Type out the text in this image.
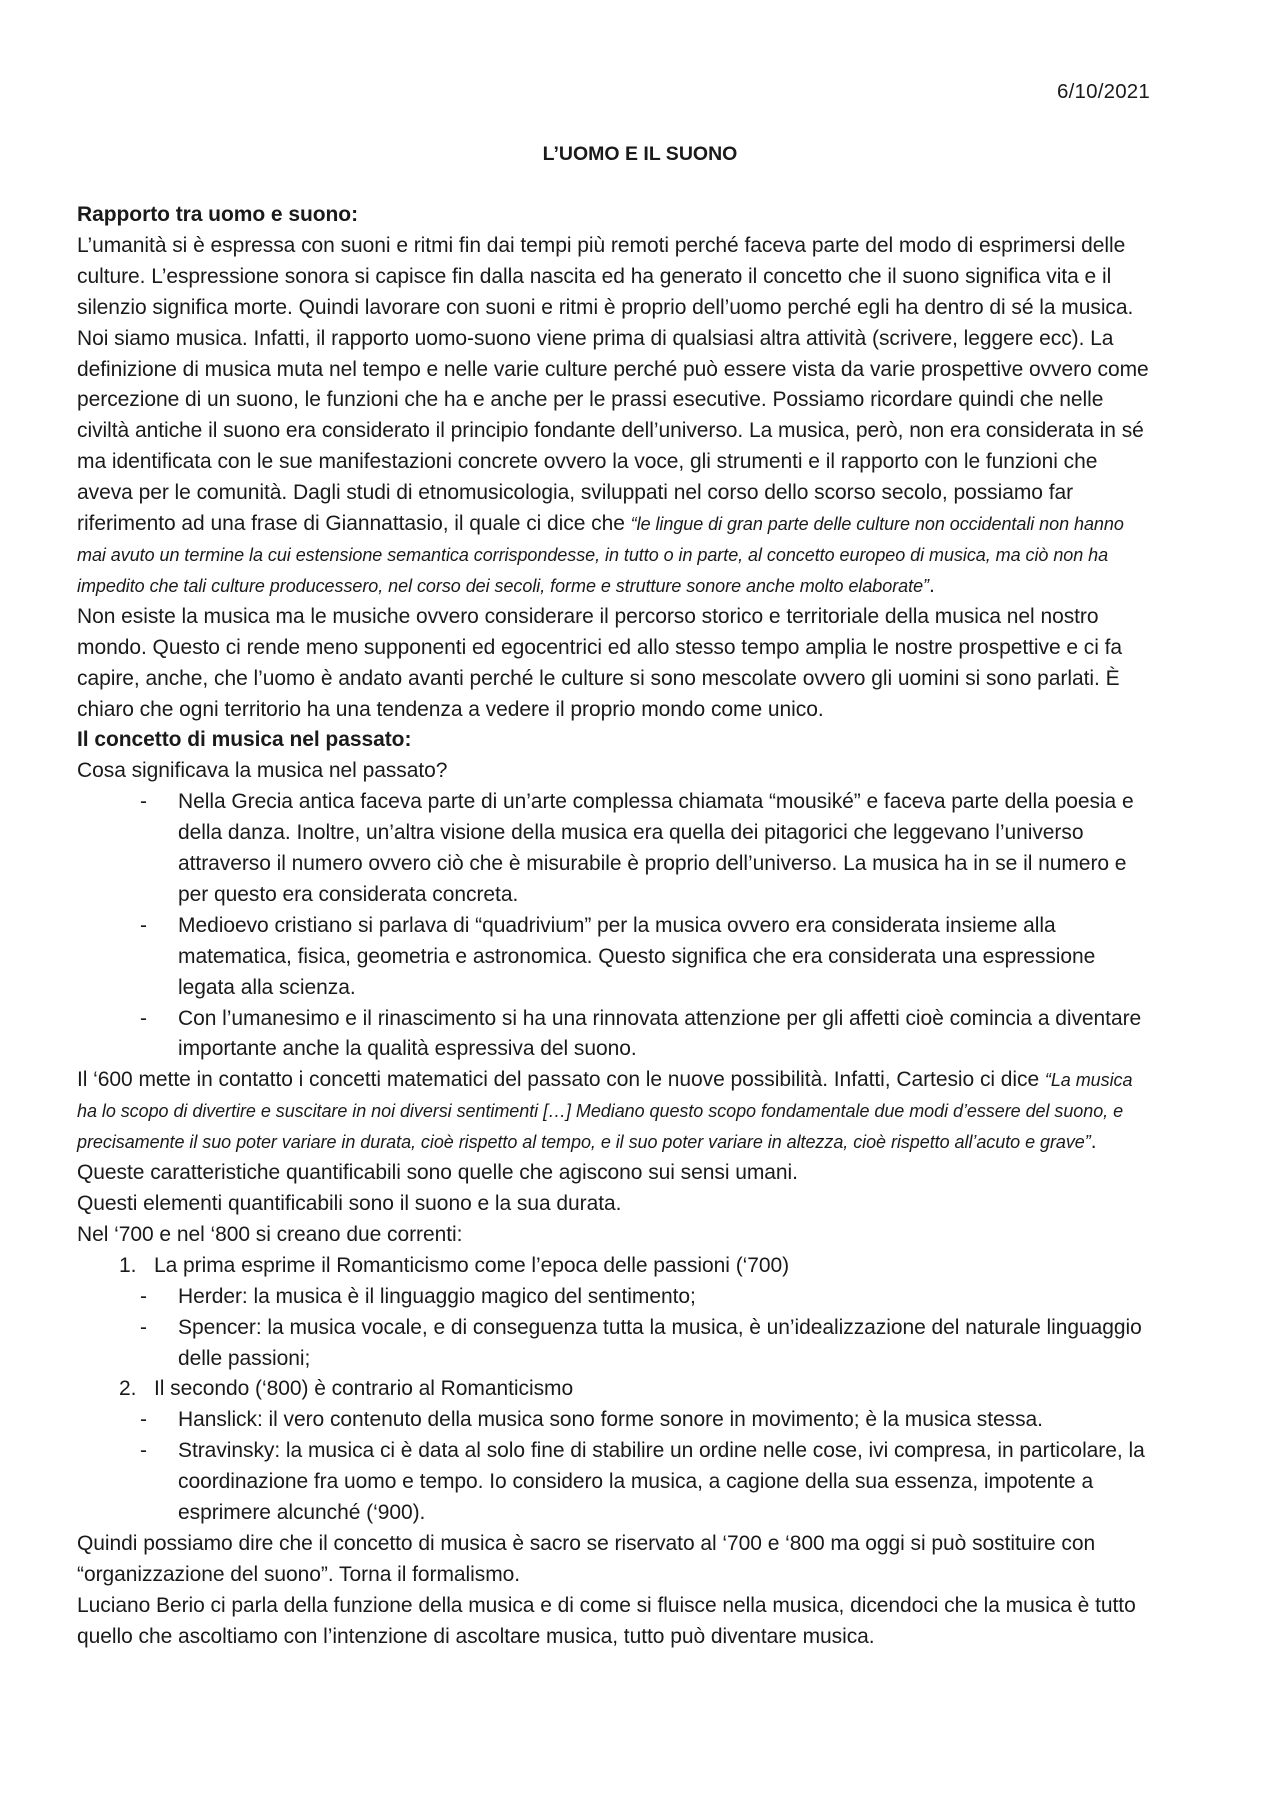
6/10/2021
L’UOMO E IL SUONO

Rapporto tra uomo e suono:

L’umanità si è espressa con suoni e ritmi fin dai tempi più remoti perché faceva parte del modo di esprimersi delle culture. L’espressione sonora si capisce fin dalla nascita ed ha generato il concetto che il suono significa vita e il silenzio significa morte. Quindi lavorare con suoni e ritmi è proprio dell’uomo perché egli ha dentro di sé la musica.

Noi siamo musica. Infatti, il rapporto uomo-suono viene prima di qualsiasi altra attività (scrivere, leggere ecc). La definizione di musica muta nel tempo e nelle varie culture perché può essere vista da varie prospettive ovvero come percezione di un suono, le funzioni che ha e anche per le prassi esecutive. Possiamo ricordare quindi che nelle civiltà antiche il suono era considerato il principio fondante dell’universo. La musica, però, non era considerata in sé ma identificata con le sue manifestazioni concrete ovvero la voce, gli strumenti e il rapporto con le funzioni che aveva per le comunità. Dagli studi di etnomusicologia, sviluppati nel corso dello scorso secolo, possiamo far riferimento ad una frase di Giannattasio, il quale ci dice che “le lingue di gran parte delle culture non occidentali non hanno mai avuto un termine la cui estensione semantica corrispondesse, in tutto o in parte, al concetto europeo di musica, ma ciò non ha impedito che tali culture producessero, nel corso dei secoli, forme e strutture sonore anche molto elaborate”.

Non esiste la musica ma le musiche ovvero considerare il percorso storico e territoriale della musica nel nostro mondo. Questo ci rende meno supponenti ed egocentrici ed allo stesso tempo amplia le nostre prospettive e ci fa capire, anche, che l’uomo è andato avanti perché le culture si sono mescolate ovvero gli uomini si sono parlati. È chiaro che ogni territorio ha una tendenza a vedere il proprio mondo come unico.

Il concetto di musica nel passato:

Cosa significava la musica nel passato?

- Nella Grecia antica faceva parte di un’arte complessa chiamata “mousiké” e faceva parte della poesia e della danza. Inoltre, un’altra visione della musica era quella dei pitagorici che leggevano l’universo attraverso il numero ovvero ciò che è misurabile è proprio dell’universo. La musica ha in se il numero e per questo era considerata concreta.
- Medioevo cristiano si parlava di “quadrivium” per la musica ovvero era considerata insieme alla matematica, fisica, geometria e astronomica. Questo significa che era considerata una espressione legata alla scienza.
- Con l’umanesimo e il rinascimento si ha una rinnovata attenzione per gli affetti cioè comincia a diventare importante anche la qualità espressiva del suono.

Il ‘600 mette in contatto i concetti matematici del passato con le nuove possibilità. Infatti, Cartesio ci dice “La musica ha lo scopo di divertire e suscitare in noi diversi sentimenti […] Mediano questo scopo fondamentale due modi d’essere del suono, e precisamente il suo poter variare in durata, cioè rispetto al tempo, e il suo poter variare in altezza, cioè rispetto all’acuto e grave”. Queste caratteristiche quantificabili sono quelle che agiscono sui sensi umani.

Questi elementi quantificabili sono il suono e la sua durata.

Nel ‘700 e nel ‘800 si creano due correnti:

1. La prima esprime il Romanticismo come l’epoca delle passioni (‘700)
- Herder: la musica è il linguaggio magico del sentimento;
- Spencer: la musica vocale, e di conseguenza tutta la musica, è un’idealizzazione del naturale linguaggio delle passioni;
2. Il secondo (‘800) è contrario al Romanticismo
- Hanslick: il vero contenuto della musica sono forme sonore in movimento; è la musica stessa.
- Stravinsky: la musica ci è data al solo fine di stabilire un ordine nelle cose, ivi compresa, in particolare, la coordinazione fra uomo e tempo. Io considero la musica, a cagione della sua essenza, impotente a esprimere alcunché (‘900).

Quindi possiamo dire che il concetto di musica è sacro se riservato al ‘700 e ‘800 ma oggi si può sostituire con “organizzazione del suono”. Torna il formalismo.

Luciano Berio ci parla della funzione della musica e di come si fluisce nella musica, dicendoci che la musica è tutto quello che ascoltiamo con l’intenzione di ascoltare musica, tutto può diventare musica.
